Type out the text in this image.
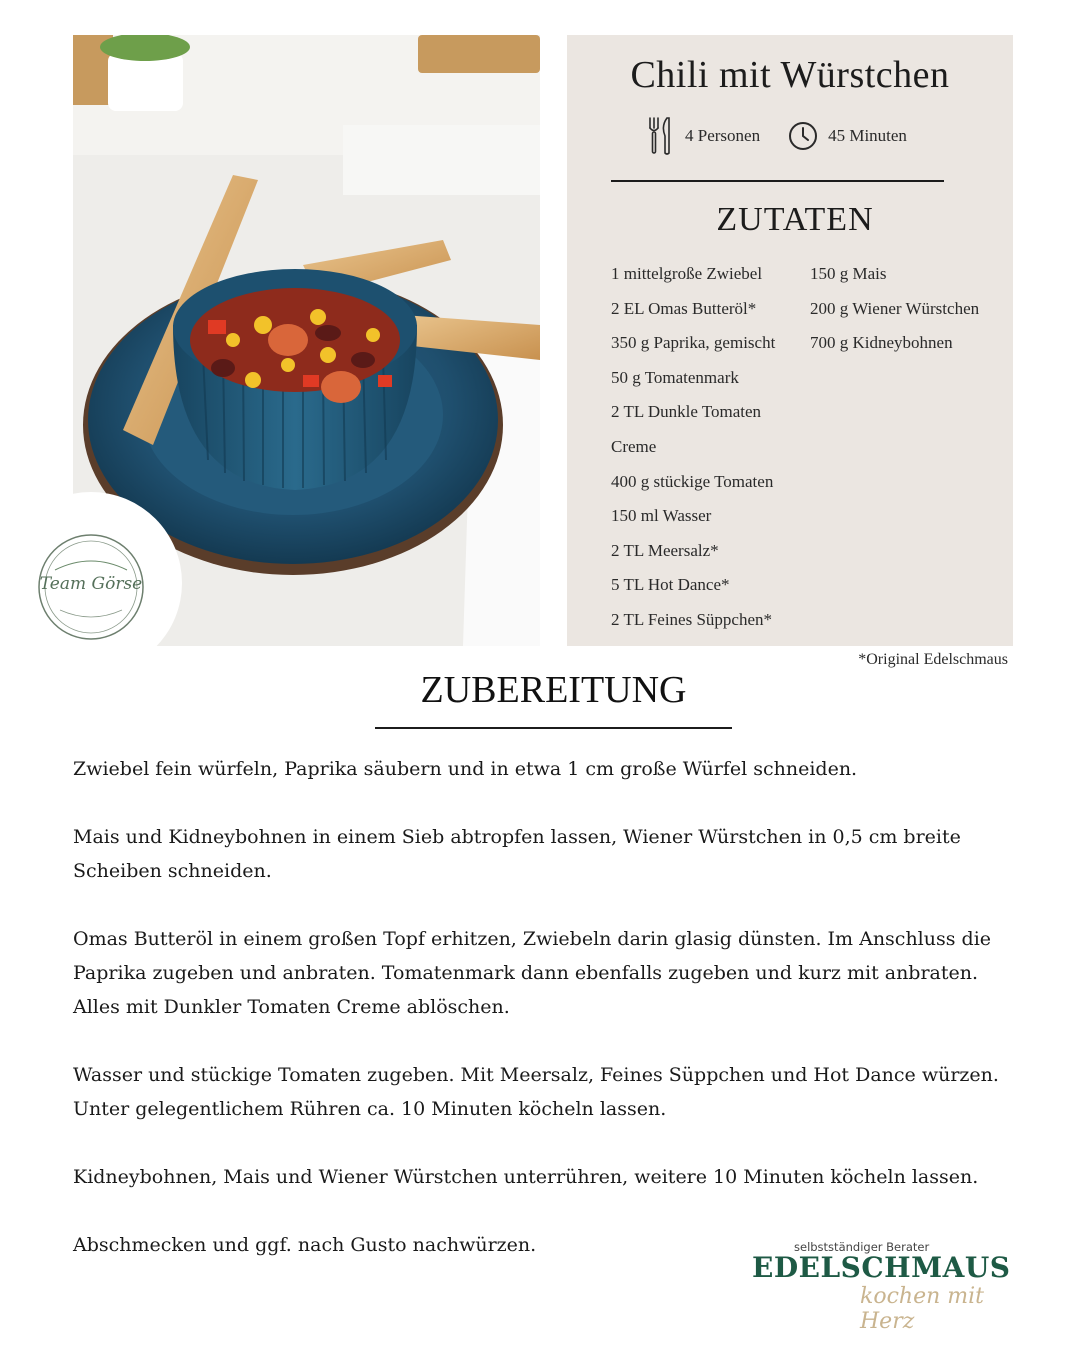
Team Görse
Chili mit Würstchen
4 Personen	45 Minuten
ZUTATEN
1 mittelgroße Zwiebel
2 EL Omas Butteröl*
350 g Paprika, gemischt
50 g Tomatenmark
2 TL Dunkle Tomaten
Creme
400 g stückige Tomaten
150 ml Wasser
2 TL Meersalz*
5 TL Hot Dance*
2 TL Feines Süppchen*
150 g Mais
200 g Wiener Würstchen
700 g Kidneybohnen
*Original Edelschmaus
ZUBEREITUNG

Zwiebel fein würfeln, Paprika säubern und in etwa 1 cm große Würfel schneiden.

Mais und Kidneybohnen in einem Sieb abtropfen lassen, Wiener Würstchen in 0,5 cm breite Scheiben schneiden.

Omas Butteröl in einem großen Topf erhitzen, Zwiebeln darin glasig dünsten. Im Anschluss die Paprika zugeben und anbraten. Tomatenmark dann ebenfalls zugeben und kurz mit anbraten. Alles mit Dunkler Tomaten Creme ablöschen.

Wasser und stückige Tomaten zugeben. Mit Meersalz, Feines Süppchen und Hot Dance würzen. Unter gelegentlichem Rühren ca. 10 Minuten köcheln lassen.

Kidneybohnen, Mais und Wiener Würstchen unterrühren, weitere 10 Minuten köcheln lassen.

Abschmecken und ggf. nach Gusto nachwürzen.	selbstständiger Berater
EDELSCHMAUS
kochen mit Herz
